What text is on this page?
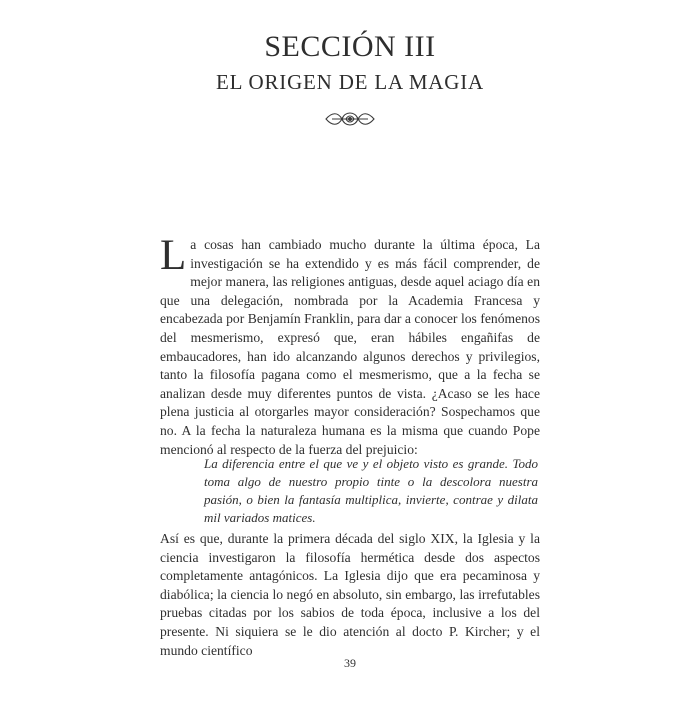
SECCIÓN III
EL ORIGEN DE LA MAGIA
La cosas han cambiado mucho durante la última época, La investigación se ha extendido y es más fácil comprender, de mejor manera, las religiones antiguas, desde aquel aciago día en que una delegación, nombrada por la Academia Francesa y encabezada por Benjamín Franklin, para dar a conocer los fenómenos del mesmerismo, expresó que, eran hábiles engañifas de embaucadores, han ido alcanzando algunos derechos y privilegios, tanto la filosofía pagana como el mesmerismo, que a la fecha se analizan desde muy diferentes puntos de vista. ¿Acaso se les hace plena justicia al otorgarles mayor consideración? Sospechamos que no. A la fecha la naturaleza humana es la misma que cuando Pope mencionó al respecto de la fuerza del prejuicio:
La diferencia entre el que ve y el objeto visto es grande. Todo toma algo de nuestro propio tinte o la descolora nuestra pasión, o bien la fantasía multiplica, invierte, contrae y dilata mil variados matices.
Así es que, durante la primera década del siglo XIX, la Iglesia y la ciencia investigaron la filosofía hermética desde dos aspectos completamente antagónicos. La Iglesia dijo que era pecaminosa y diabólica; la ciencia lo negó en absoluto, sin embargo, las irrefutables pruebas citadas por los sabios de toda época, inclusive a los del presente. Ni siquiera se le dio atención al docto P. Kircher; y el mundo científico
39
